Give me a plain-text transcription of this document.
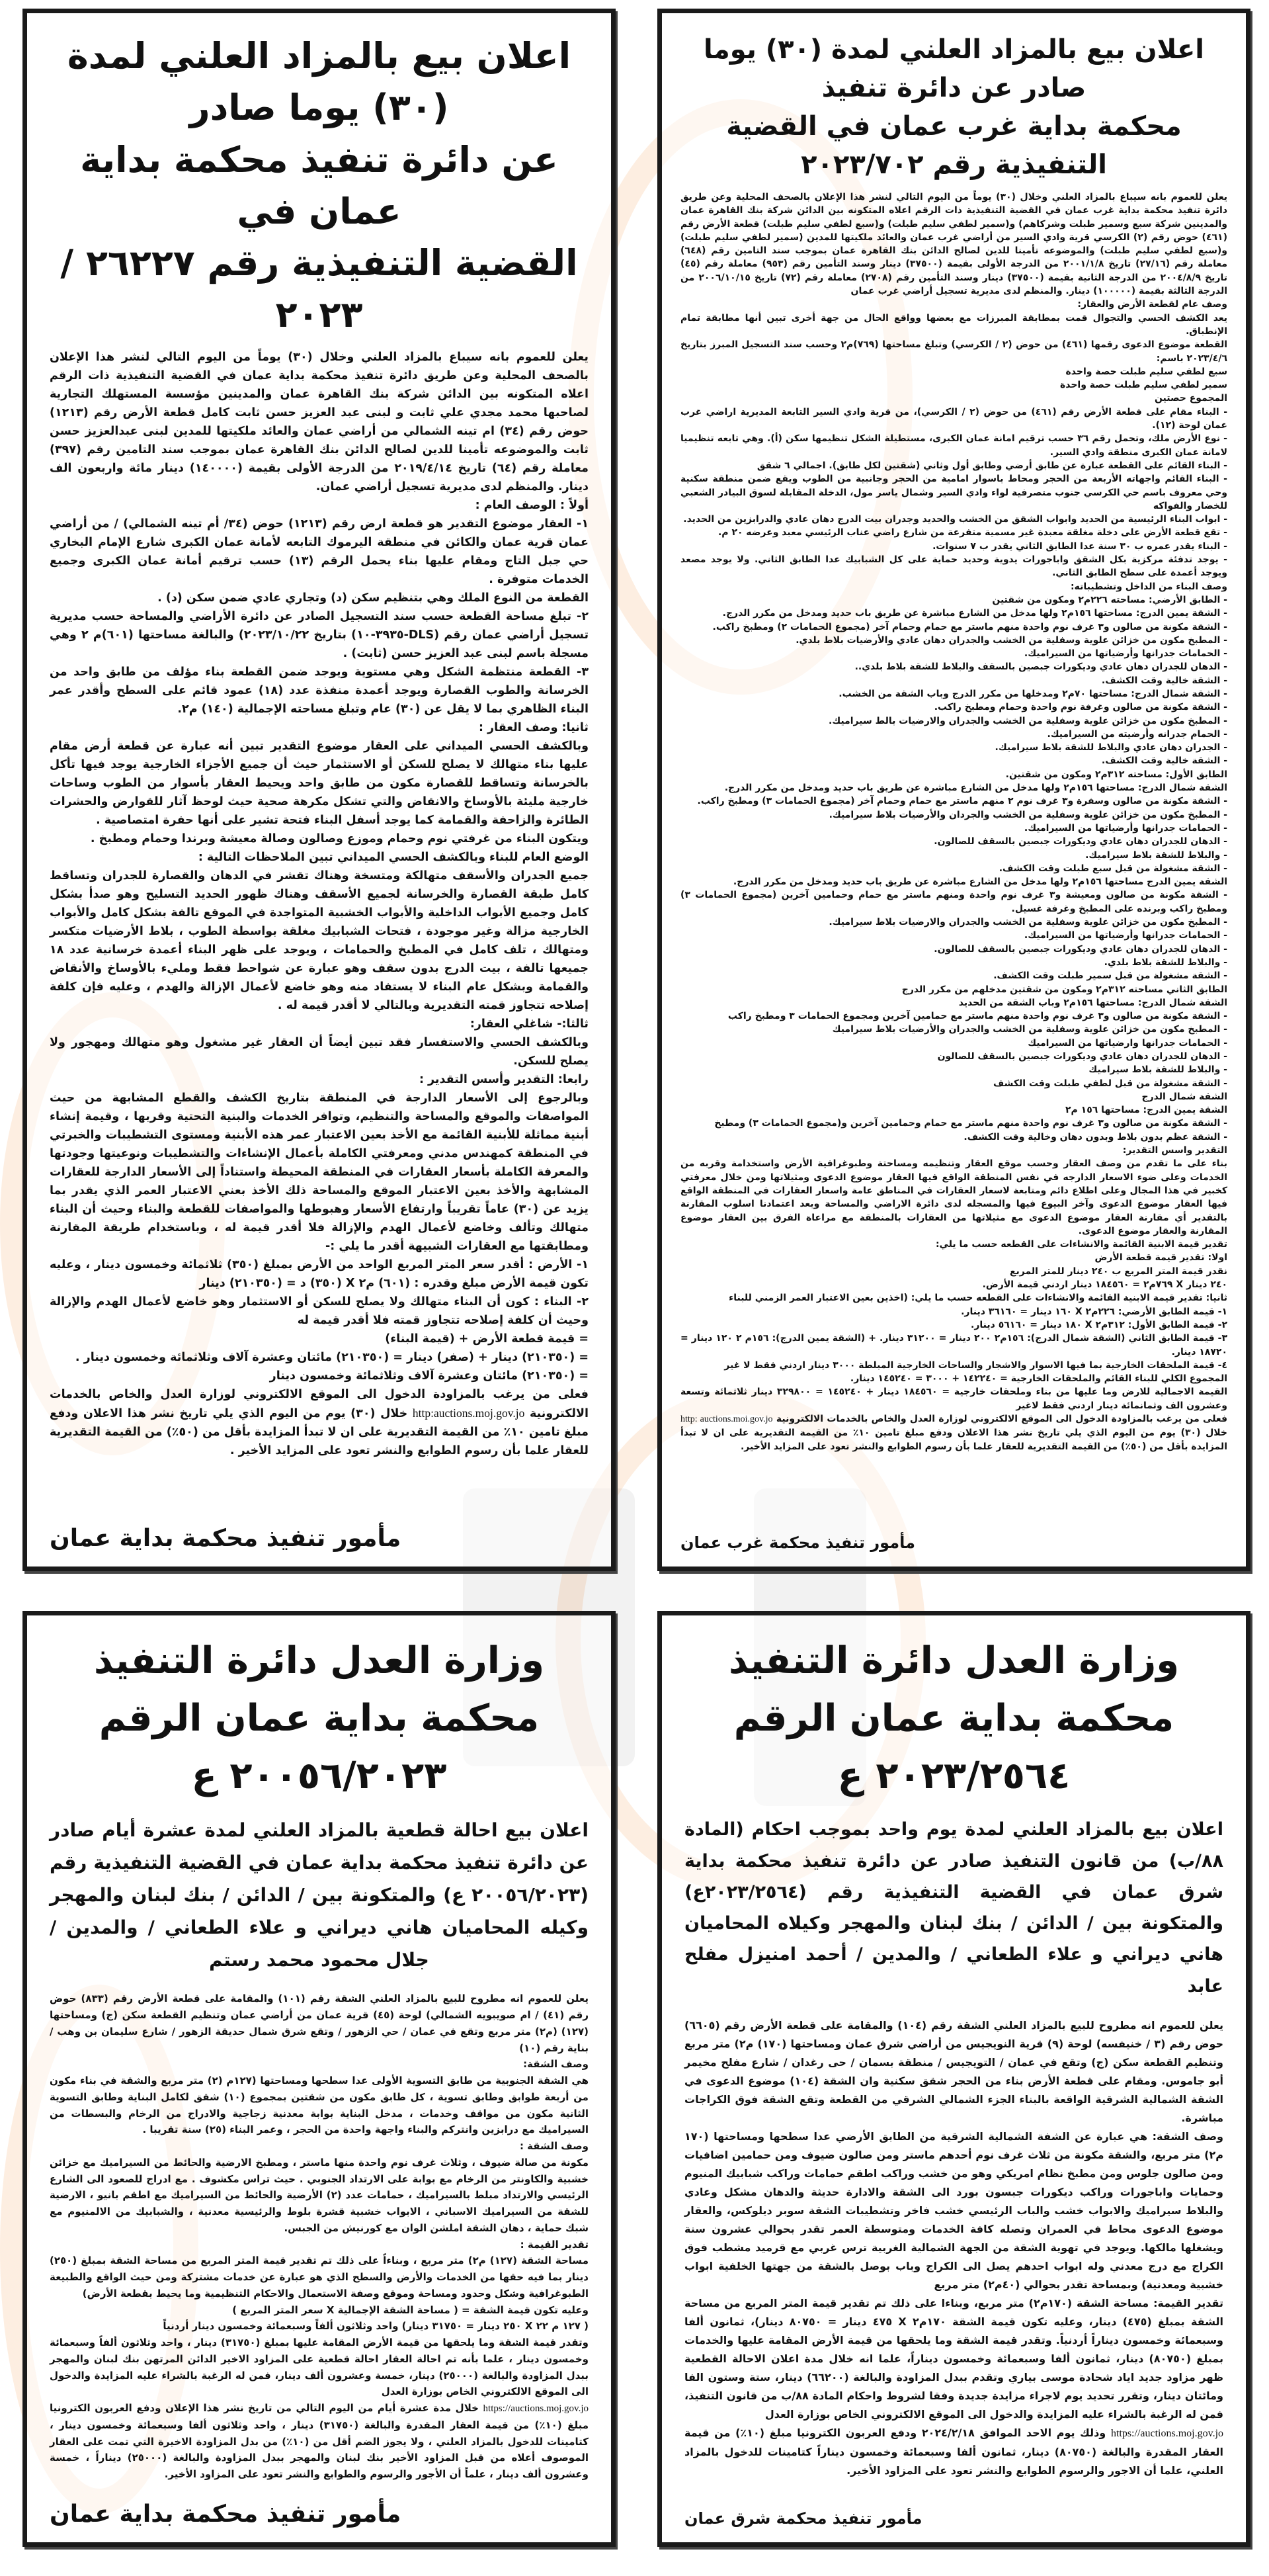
اعلان بيع بالمزاد العلني لمدة (٣٠) يوما صادر
عن دائرة تنفيذ محكمة بداية عمان في
القضية التنفيذية رقم ٢٦٢٢٧ / ٢٠٢٣

يعلن للعموم بانه سيباع بالمزاد العلني وخلال (٣٠) يوماً من اليوم التالي لنشر هذا الإعلان بالصحف المحلية وعن طريق دائرة تنفيذ محكمة بداية عمان في القضية التنفيذية ذات الرقم اعلاه المتكونه بين الدائن شركة بنك القاهرة عمان والمدينين مؤسسة المستهلك التجارية لصاحبها محمد مجدي علي ثابت و لبنى عبد العزيز حسن ثابت كامل قطعة الأرض رقم (١٢١٣) حوض رقم (٣٤) ام تينه الشمالي من أراضي عمان والعائد ملكيتها للمدين لبنى عبدالعزيز حسن ثابت والموضوعه تأمينا للدين لصالح الدائن بنك القاهرة عمان بموجب سند التامين رقم (٣٩٧) معاملة رقم (٦٤) تاريخ ٢٠١٩/٤/١٤ من الدرجة الأولى بقيمة (١٤٠٠٠٠) دينار مائة واربعون الف دينار. والمنظم لدى مديرية تسجيل أراضي عمان.

أولاً : الوصف العام :

١- العقار موضوع التقدير هو قطعة ارض رقم (١٢١٣) حوض (٣٤/ أم تينه الشمالي) / من أراضي عمان قرية عمان والكائن في منطقة اليرموك التابعه لأمانة عمان الكبرى شارع الإمام البخاري حي جبل التاج ومقام عليها بناء يحمل الرقم (١٣) حسب ترقيم أمانة عمان الكبرى وجميع الخدمات متوفرة .

القطعة من النوع الملك وهي بتنظيم سكن (د) وتجاري عادي ضمن سكن (د) .

٢- تبلغ مساحة القطعة حسب سند التسجيل الصادر عن دائرة الأراضي والمساحة حسب مديرية تسجيل أراضي عمان رقم (DLS-٣٩٣٥-١٠) بتاريخ ٢٠٢٣/١٠/٢٢) والبالغة مساحتها (٦٠١)م ٢ وهي مسجلة باسم لبنى عبد العزيز حسن (ثابت) .

٣- القطعة منتظمة الشكل وهي مستوية ويوجد ضمن القطعة بناء مؤلف من طابق واحد من الخرسانة والطوب القصارة ويوجد أعمدة منفذة عدد (١٨) عمود قائم على السطح وأقدر عمر البناء الظاهري بما لا يقل عن (٣٠) عام وتبلغ مساحته الإجمالية (١٤٠) م٢.

ثانيا: وصف العقار :

وبالكشف الحسي الميداني على العقار موضوع التقدير تبين أنه عبارة عن قطعة أرض مقام عليها بناء متهالك لا يصلح للسكن أو الاستثمار حيث أن جميع الأجزاء الخارجية يوجد فيها تأكل بالخرسانة وتساقط للقصارة مكون من طابق واحد ويحيط العقار بأسوار من الطوب وساحات خارجية مليئة بالأوساخ والانقاض والتي تشكل مكرهة صحية حيث لوحظ آثار للقوارض والحشرات الطائرة والزاحفة والقمامة كما يوجد أسفل البناء فتحة تشير على أنها حفرة امتصاصية .

ويتكون البناء من غرفتي نوم وحمام وموزع وصالون وصالة معيشة وبرندا وحمام ومطبخ .

الوضع العام للبناء وبالكشف الحسي الميداني تبين الملاحظات التالية :

جميع الجدران والأسقف متهالكة ومتسخة وهناك تقشر في الدهان والقصارة للجدران وتساقط كامل طبقة القصارة والخرسانة لجميع الأسقف وهناك ظهور الحديد التسليح وهو صدأ بشكل كامل وجميع الأبواب الداخلية والأبواب الخشبية المتواجدة في الموقع تالفة بشكل كامل والأبواب الخارجية مزالة وغير موجودة ، فتحات الشبابيك مغلقة بواسطة الطوب ، بلاط الأرضيات متكسر ومتهالك ، تلف كامل في المطبخ والحمامات ، ويوجد على ظهر البناء أعمدة خرسانية عدد ١٨ جميعها تالفة ، بيت الدرج بدون سقف وهو عبارة عن شواحط فقط ومليء بالأوساخ والأنقاض والقمامة وبشكل عام البناء لا يستفاد منه وهو خاضع لأعمال الإزالة والهدم ، وعليه فإن كلفة إصلاحه تتجاوز قمته التقديرية وبالتالي لا أقدر قيمة له .

ثالثا:- شاغلي العقار:

وبالكشف الحسي والاستفسار فقد تبين أيضاً أن العقار غير مشغول وهو متهالك ومهجور ولا يصلح للسكن.

رابعا: التقدير وأسس التقدير :

وبالرجوع إلى الأسعار الدارجة في المنطقة بتاريخ الكشف والقطع المشابهة من حيث المواصفات والموقع والمساحة والتنظيم، وتوافر الخدمات والبنية التحتية وقربها ، وقيمة إنشاء أبنية مماثلة للأبنية القائمة مع الأخذ بعين الاعتبار عمر هذه الأبنية ومستوى التشطيبات والخبرتي في المنطقة كمهندس مدني ومعرفتي الكاملة بأعمال الإنشاءات والتشطيبات ونوعيتها وجودتها والمعرفة الكاملة بأسعار العقارات في المنطقة المحيطة واستناداً إلى الأسعار الدارجة للعقارات المشابهة والأخذ بعين الاعتبار الموقع والمساحة ذلك الأخذ بعني الاعتبار العمر الذي يقدر بما يزيد عن (٣٠) عاماً تقريباً وارتفاع الأسعار وهبوطها والمواصفات للقطعة والبناء وحيث أن البناء متهالك وتألف وخاضع لأعمال الهدم والإزالة فلا أقدر قيمة له ، وباستخدام طريقة المقارنة ومطابقتها مع العقارات الشبيهة أقدر ما يلي :-

١- الأرض : أقدر سعر المتر المربع الواحد من الأرض بمبلغ (٣٥٠) ثلاثمائة وخمسون دينار ، وعليه تكون قيمة الأرض مبلغ وقدره : (٦٠١) م٢ X (٣٥٠) د = (٢١٠٣٥٠) دينار

٢- البناء : كون أن البناء متهالك ولا يصلح للسكن أو الاستثمار وهو خاضع لأعمال الهدم والإزالة وحيث أن كلفة إصلاحه تتجاوز قمته فلا أقدر قيمة له

= قيمة قطعة الأرض + (قيمة البناء)

= (٢١٠٣٥٠) دينار + (صفر) دينار = (٢١٠٣٥٠) مائتان وعشرة آلاف وثلاثمائة وخمسون دينار .

= (٢١٠٣٥٠) مائتان وعشرة آلاف وثلاثمائة وخمسون دينار

فعلى من يرغب بالمزاودة الدخول الى الموقع الالكتروني لوزارة العدل والخاص بالخدمات الالكترونية http:auctions.moj.gov.jo خلال (٣٠) يوم من اليوم الذي يلي تاريخ نشر هذا الاعلان ودفع مبلغ تامين ١٠٪ من القيمة التقديرية على ان لا تبدأ المزايدة بأقل من (٥٠٪) من القيمة التقديرية للعقار علما بأن رسوم الطوابع والنشر تعود على المزايد الأخير .

مأمور تنفيذ محكمة بداية عمان
اعلان بيع بالمزاد العلني لمدة (٣٠) يوما صادر عن دائرة تنفيذ
محكمة بداية غرب عمان في القضية التنفيذية رقم ٢٠٢٣/٧٠٢

يعلن للعموم بانه سيباع بالمزاد العلني وخلال (٣٠) يوماً من اليوم التالي لنشر هذا الإعلان بالصحف المحلية وعن طريق دائرة تنفيذ محكمة بداية غرب عمان في القضية التنفيذية ذات الرقم اعلاه المتكونه بين الدائن شركة بنك القاهرة عمان والمدينين شركة سبع وسمير طبلت وشركاهم) و(سمير لطفي سليم طبلت) و(سبع لطفي سليم طبلت) قطعة الأرض رقم (٤٦١) حوض رقم (٢) الكرسي قرية وادي السير من أراضي غرب عمان والعائد ملكيتها للمدين (سمير لطفي سليم طبلت) و(سبع لطفي سليم طبلت) والموضوعه تأمينا للدين لصالح الدائن بنك القاهرة عمان بموجب سند التامين رقم (٦٤٨) معاملة رقم (٢٧/١٦) تاريخ ٢٠٠١/١/٨ من الدرجة الأولى بقيمة (٣٧٥٠٠) دينار وسند التأمين رقم (٩٥٣) معاملة رقم (٤٥) تاريخ ٢٠٠٤/٨/٩ من الدرجة الثانية بقيمة (٣٧٥٠٠) دينار وسند التأمين رقم (٢٧٠٨) معاملة رقم (٧٢) تاريخ ٢٠٠٦/١٠/١٥ من الدرجة الثالثة بقيمة (١٠٠٠٠٠) دينار. والمنظم لدى مديرية تسجيل أراضي غرب عمان

وصف عام لقطعة الأرض والعقار:

يعد الكشف الحسي والتجوال قمت بمطابقة المبرزات مع بعضها وواقع الحال من جهة أخرى تبين أنها مطابقة تمام الإنطباق.

القطعة موضوع الدعوى رقمها (٤٦١) من حوض (٢ / الكرسي) وتبلغ مساحتها (٧٦٩)م٢ وحسب سند التسجيل المبرز بتاريخ ٢٠٢٣/٤/٦ باسم:

سبع لطفي سليم طبلت حصة واحدة

سمير لطفي سليم طبلت حصة واحدة

المجموع حصتين

- البناء مقام على قطعة الأرض رقم (٤٦١) من حوض (٢ / الكرسي)، من قرية وادي السير التابعة المديرية اراضي غرب عمان لوحة (١٢).

- نوع الأرض ملك، وتحمل رقم ٣٦ حسب ترقيم امانة عمان الكبرى، مستطيلة الشكل تنظيمها سكن (أ). وهي تابعه تنظيميا لامانة عمان الكبرى منطقة وادي السير.

- البناء القائم على القطعة عبارة عن طابق أرضي وطابق أول وثاني (شقتين لكل طابق). اجمالي ٦ شقق

- البناء القائم واجهاته الأربعة من الحجر ومحاط باسوار امامية من الحجر وجانبية من الطوب ويقع ضمن منطقة سكنية وحي معروف باسم حي الكرسي جنوب متصرفية لواء وادي السير وشمال ياسر مول، الدخلة المقابلة لسوق البيادر الشعبي للخضار والفواكه

- ابواب البناء الرئيسية من الحديد وابواب الشقق من الخشب والحديد وجدران بيت الدرج دهان عادي والدرابزين من الحديد.

- تقع قطعة الأرض على دخلة مغلقة معبدة غير مسمية متفرعة من شارع راضي عناب الرئيسي معبد وعرضه ٢٠ م.

- البناء يقدر عمره ب ٣٠ سنة عدا الطابق الثاني يقدر ب ٧ سنوات.

- يوجد تدفئة مركزية بكل الشقق واباجورات يدوية وحديد حماية على كل الشبابيك عدا الطابق الثاني. ولا يوجد مصعد ويوجد أعمدة على سطح الطابق الثاني.

وصف البناء من الداخل وتشطيباته:

- الطابق الأرضي: مساحته ٢٢٦م٢ ومكون من شقتين

- الشقة يمين الدرج: مساحتها ١٥٦م٢ ولها مدخل من الشارع مباشرة عن طريق باب حديد ومدخل من مكرر الدرج.

- الشقة مكونة من صالون و٣ غرف نوم واحدة منهم ماستر مع حمام وحمام آخر (مجموع الحمامات ٢) ومطبخ راكب.

- المطبخ مكون من خزائن علوية وسفلية من الخشب والجدران دهان عادي والأرضيات بلاط بلدي.

- الحمامات جدرانها وأرضياتها من السيراميك.

- الدهان للجدران دهان عادي وديكورات جبصين بالسقف والبلاط للشقة بلاط بلدي..

- الشقة خالية وقت الكشف.

- الشقة شمال الدرج: مساحتها ٧٠م٢ ومدخلها من مكرر الدرج وباب الشقة من الخشب.

- الشقة مكونة من صالون وغرفة نوم واحدة وحمام ومطبخ راكب.

- المطبخ مكون من خزائن علوية وسفلية من الخشب والجدران والارضيات بالط سيراميك.

- الحمام جدرانه وأرضيته من السيراميك.

- الجدران دهان عادي والبلاط للشقة بلاط سيراميك.

- الشقة خالية وقت الكشف.

الطابق الأول: مساحته ٣١٢م٢ ومكون من شقتين.

الشقة شمال الدرج: مساحتها ١٥٦م٢ ولها مدخل من الشارع مباشرة عن طريق باب حديد ومدخل من مكرر الدرج.

- الشقة مكونة من صالون وسفرة و٣ غرف نوم ٢ منهم ماستر مع حمام وحمام آخر (مجموع الحمامات ٣) ومطبخ راكب.

- المطبخ مكون من خزائن علوية وسفلية من الخشب والجردان والأرضيات بلاط سيراميك.

- الحمامات جدرانها وأرضياتها من السيراميك.

- الدهان للجدران دهان عادي وديكورات جبصين بالسقف للصالون.

- والبلاط للشقة بلاط سيراميك.

- الشقة مشغولة من قبل سبع طبلت وقت الكشف.

الشقة يمين الدرج مساحتها ١٥٦م٢ ولها مدخل من الشارع مباشرة عن طريق باب حديد ومدخل من مكرر الدرج.

- الشقة مكونة من صالون ومعيشة و٣ غرف نوم واحدة ومنهم ماستر مع حمام وحمامين آخرين (مجموع الحمامات ٣) ومطبخ راكب وبرنده على المطبخ وغرفة غسيل.

- المطبخ مكون من خزائن علوية وسفلية من الخشب والجدران والارضيات بلاط سيراميك.

- الحمامات جدرانها وأرضياتها من السيراميك.

- الدهان للجدران دهان عادي وديكورات جبصين بالسقف للصالون.

- والبلاط للشقة بلاط بلدي.

- الشقة مشغولة من قبل سمير طبلت وقت الكشف.

الطابق الثاني مساحته ٣١٢م٢ ومكون من شقتين مدخلهم من مكرر الدرج

الشقة شمال الدرج: مساحتها ١٥٦م٢ وباب الشقة من الحديد

- الشقة مكونة من صالون و٣ غرف نوم واحدة منهم ماستر مع حمامين آخرين ومجموع الحمامات ٣ ومطبخ راكب

- المطبخ مكون من خزائن علوية وسفلية من الخشب والجدران والأرضيات بلاط سيراميك

- الحمامات جدرانها وارضياتها من السيراميك

- الدهان للجدران دهان عادي وديكورات جبصين بالسقف للصالون

- والبلاط للشقة بلاط سيراميك

- الشقة مشغولة من قبل لطفي طبلت وقت الكشف

الشقة شمال الدرج

الشقة يمين الدرج: مساحتها ١٥٦ م٢

- الشقة مكونة من صالون و٣ غرف نوم واحدة منهم ماستر مع حمام وحمامين آخرين و(مجموع الحمامات ٣) ومطبخ

- الشقة عظم بدون بلاط وبدون دهان وخالية وقت الكشف.

التقدير واسس التقدير:

بناء على ما تقدم من وصف العقار وحسب موقع العقار وتنظيمه ومساحتة وطبوغرافية الأرض واستخدامة وقربه من الخدمات وعلى ضوء الاسعار الدارجه في نفس المنطقة الواقع فيها العقار موضوع الدعوى ومثيلاتها ومن خلال معرفتي كخبير في هذا المجال وعلى اطلاع دائم ومتابعة لاسعار العقارات في المناطق عامة واسعار العقارات في المنطقة الواقع فيها العقار موضوع الدعوى وآخر البيوع فيها والمسجله لدى دائرة الاراضي والمساحة وبعد اعتمادنا اسلوب المقارنة بالتقدير أي مقارنة العقار موضوع الدعوى مع مثيلاتها من العقارات بالمنطقة مع مراعاة الفرق بين العقار موضوع المقارنة والعقار موضوع الدعوى.

تقدير قيمة الابنية القائمة والانشاءات على القطعه حسب ما يلي:

اولا: تقدير قيمة قطعة الأرض

نقدر قيمة المتر المربع ب ٢٤٠ دينار للمتر المربع

٢٤٠ دينار X ٧٦٩م٢ = ١٨٤٥٦٠ دينار اردني قيمة الأرض.

ثانيا: تقدير قيمة الابنية القائمة والانشاءات على القطعه حسب ما يلي: (اخذين بعين الاعتبار العمر الزمني للبناء

١- قيمة الطابق الأرضي: ٢٢٦م٢ X ١٦٠ دينار = ٣٦١٦٠ دينار.

٢- قيمة الطابق الأول: ٣١٢م٢ X ١٨٠ دينار = ٥٦١٦٠ دينار.

٣- قيمة الطابق الثاني (الشقة شمال الدرج): ١٥٦م٢ ٢٠٠ دينار = ٣١٢٠٠ دينار. + (الشقة يمين الدرج): ١٥٦م ٢ ١٢٠ دينار = ١٨٧٢٠ دينار.

٤- قيمة الملحقات الخارجية بما فيها الاسوار والاشجار والساحات الخارجية المبلطة ٣٠٠٠ دينار اردني فقط لا غير

المجموع الكلي للبناء القائم والملحقات الخارجية = ١٤٢٢٤٠ + ٣٠٠٠ = ١٤٥٢٤٠ دينار.

القيمة الاجمالية للارض وما عليها من بناء وملحقات خارجية = ١٨٤٥٦٠ دينار + ١٤٥٢٤٠ = ٣٢٩٨٠٠ دينار ثلاثمائة وتسعة وعشرون الف وثمانمائة دينار اردني فقط لاغير

فعلى من يرغب بالمزاودة الدخول الى الموقع الالكتروني لوزارة العدل والخاص بالخدمات الالكترونية http: auctions.moi.gov.jo خلال (٣٠) يوم من اليوم الذي يلي تاريخ نشر هذا الاعلان ودفع مبلغ تامين ١٠٪ من القيمة التقديرية على ان لا تبدأ المزايدة بأقل من (٥٠٪) من القيمة التقديرية للعقار علما بأن رسوم الطوابع والنشر تعود على المزايد الأخير.

مأمور تنفيذ محكمة غرب عمان
وزارة العدل دائرة التنفيذ
محكمة بداية عمان الرقم ٢٠٠٥٦/٢٠٢٣ ع
اعلان بيع احالة قطعية بالمزاد العلني لمدة عشرة أيام صادر عن دائرة تنفيذ محكمة بداية عمان في القضية التنفيذية رقم (٢٠٠٥٦/٢٠٢٣ ع) والمتكونة بين / الدائن / بنك لبنان والمهجر وكيله المحاميان هاني ديراني و علاء الطعاني / والمدين / جلال محمود محمد رستم

يعلن للعموم انه مطروح للبيع بالمزاد العلني الشقة رقم (١٠١) والمقامة على قطعة الأرض رقم (٨٣٣) حوض رقم (٤١) / ام صويبويه الشمالي) لوحة (٤٥) قرية عمان من أراضي عمان وتنظيم القطعة سكن (ج) ومساحتها (١٢٧) (م٢) متر مربع وتقع في عمان / حي الزهور / وتقع شرق شمال حديقة الزهور / شارع سليمان بن وهب / بناية رقم (١٠)

وصف الشقة:

هي الشقة الجنوبية من طابق التسوية الأولى عدا سطحها ومساحتها (١٢٧م (٢) متر مربع والشقة في بناء مكون من أربعة طوابق وطابق تسوية ، كل طابق مكون من شقتين بمجموع (١٠) شقق لكامل البناية وطابق التسوية الثانية مكون من مواقف وخدمات ، مدخل البناية بوابة معدنية زجاجية والادراج من الرخام والبسطات من السيراميك مع درابزين وانتركم والبناء واجهة واحدة من الحجر ، وعمر البناء (٢٥) سنة تقريبا .

وصف الشقة :

مكونة من صالة ضيوف ، وثلاث غرف نوم واحدة منها ماستر ، ومطبخ الارضية والحائط من السيراميك مع خزائن خشبية والكاونتر من الرخام مع بوابة على الارتداد الجنوبي . حيث تراس مكشوف . مع ادراج للصعود الى الشارع الرئيسي والارتداد مبلط بالسيراميك ، حمامات عدد (٢) الأرضية والحائط من السيراميك مع اطقم بانيو ، الارضية للشقة من السيراميك الاسباني ، الابواب خشبية قشرة بلوط والرئيسية معدنية ، والشبابيك من الالمنيوم مع شبك حماية ، دهان الشقة املشن الوان مع كورنيش من الجبس.

تقدير القيمة :

مساحة الشقة (١٢٧) م٢) متر مربع ، وبناءاً على ذلك تم تقدير قيمة المتر المربع من مساحة الشقة بمبلغ (٢٥٠) دينار بما فيه حقها من الخدمات والأرض والسطح الذي هو عبارة عن خدمات مشتركة ومن حيث الواقع والطبيعة الطبوغرافية وشكل وحدود ومساحة وموقع وصفة الاستعمال والاحكام التنظيمية وما يحيط بقطعة الأرض)

وعليه تكون قيمة الشقة = ( مساحة الشقة الإجمالية X سعر المتر المربع )

( ١٢٧ م ٢٢ X ٢٥٠ دينار = ٣١٧٥٠ دينار) واحد وثلاثون ألفاً وسبعمائة وخمسون دينار أردنياً

وتقدر قيمة الشقة وما يلحقها من قيمة الأرض المقامة عليها بمبلغ (٣١٧٥٠) دينار ، واحد وثلاثون ألفاً وسبعمائة وخمسون دينار ، علما بأنه تم احالة العقار احالة قطعية على المزاود الاخير الدائن المرتهن بنك لبنان والمهجر ببدل المزاودة والبالغة (٢٥٠٠٠) دينار، خمسة وعشرون ألف دينار، فمن له الرغبة بالشراء عليه المزايدة والدخول الى الموقع الالكتروني الخاص بوزارة العدل

https://auctions.moj.gov.jo خلال مدة عشرة أيام من اليوم التالي من تاريخ نشر هذا الإعلان ودفع العربون الكترونيا مبلغ (١٠٪) من قيمة العقار المقدرة والبالغة (٣١٧٥٠) دينار ، واحد وثلاثون ألفا وسبعمائة وخمسون دينار ، كتامينات للدخول بالمزاد العلني ، ولا يجوز الضم أقل من (١٠٪) من بدل المزاودة الاخيرة التي تمت على العقار الموصوف أعلاه من قبل المزاود الأخير بنك لبنان والمهجر ببدل المزاودة والبالغة (٢٥٠٠٠) ديناراً ، خمسة وعشرون ألف دينار ، علماً أن الأجور والرسوم والطوابع والنشر تعود على المزاود الأخير.

مأمور تنفيذ محكمة بداية عمان
وزارة العدل دائرة التنفيذ
محكمة بداية عمان الرقم ٢٠٢٣/٢٥٦٤ ع
اعلان بيع بالمزاد العلني لمدة يوم واحد بموجب احكام (المادة ٨٨/ب) من قانون التنفيذ صادر عن دائرة تنفيذ محكمة بداية شرق عمان في القضية التنفيذية رقم (٢٠٢٣/٢٥٦٤ع) والمتكونة بين / الدائن / بنك لبنان والمهجر وكيلاه المحاميان هاني ديراني و علاء الطعاني / والمدين / أحمد امنيزل مفلح عابد

يعلن للعموم انه مطروح للبيع بالمزاد العلني الشقة رقم (١٠٤) والمقامة على قطعة الأرض رقم (٦٦٠٥) حوض رقم (٣ / خنيفسه) لوحة (٩) قرية النويجيس من أراضي شرق عمان ومساحتها (١٧٠) م٢) متر مربع وتنظيم القطعة سكن (ج) وتقع في عمان / التويجيس / منطقة بسمان / حى رغدان / شارع مفلح مخيمر أبو جاموس. ومقام على قطعة الأرض بناء من الحجر شقق سكنية وان الشقة (١٠٤) موضوع الدعوى في الشقة الشمالية الشرقية الواقعة بالبناء الجزء الشمالي الشرقي من القطعة وتقع الشقة فوق الكراجات مباشرة.

وصف الشقة: هي عبارة عن الشفة الشمالية الشرقية من الطابق الأرضي عدا سطحها ومساحتها (١٧٠ م٢) متر مربع، والشقة مكونة من ثلاث غرف نوم أحدهم ماستر ومن صالون ضيوف ومن حمامين اضافيات ومن صالون جلوس ومن مطبخ نظام امريكي وهو من خشب وراكب اطقم حمامات وراكب شبابيك المنيوم وحمايات واباجورات وراكب ديكورات جبسون بورد الى الشقة والادارة حديثة والدهان مشكل وعادي والبلاط سيراميك والابواب خشب والباب الرئيسي خشب فاخر وتشطيبات الشقة سوبر ديلوكس، والعقار موضوع الدعوى محاط في العمران وتصله كافة الخدمات ومتوسطة العمر تقدر بحوالي عشرون سنة ويشغلها مالكها. ويوجد في تهوية الشقة من الجهة الشمالية الغربية ترس غربي مع قرميد مشطب فوق الكراج مع درج معدني وله ابواب احدهم يصل الى الكراج وباب بوصل بالشقة من جهتها الخلفية ابواب خشبية ومعدنية) وبمساحة تقدر بحوالي (٤٠م٢) متر مربع

تقدير القيمة: مساحة الشقة (١٧٠م٢) متر مربع، وبناءا على ذلك تم تقدير قيمة المتر المربع من مساحة الشقة بمبلغ (٤٧٥) دينار، وعليه تكون قيمة الشقة ١٧٠م٢ X ٤٧٥ دينار = ٨٠٧٥٠ دينار)، ثمانون ألفا وسبعمائة وخمسون ديناراً أردنياً. وتقدر قيمة الشقة وما يلحقها من قيمة الأرض المقامة عليها والخدمات بمبلغ (٨٠٧٥٠) دينار، ثمانون ألفا وسبعمائة وخمسون ديناراً، علما انه خلال مدة اعلان الاحالة القطعية ظهر مزاود جديد اياد شحادة موسى بياري وتقدم ببدل المزاودة والبالغة (٦٦٢٠٠) دينار، ستة وستون الفا ومائتان دينار، وتقرر تحديد يوم لاجراء مزايدة جديدة وفقا لشروط واحكام المادة ٨٨/ب من قانون التنفيذ، فمن له الرغبة بالشراء عليه المزايدة والدخول الى الموقع الالكتروني الخاص بوزارة العدل

https://auctions.moj.gov.jo وذلك يوم الاحد الموافق ٢٠٢٤/٢/١٨ ودفع العربون الكترونيا مبلغ (١٠٪) من قيمة العقار المقدرة والبالغة (٨٠٧٥٠) دينار، ثمانون ألفا وسبعمائة وخمسون ديناراً كتامينات للدخول بالمزاد العلني، علما أن الاجور والرسوم الطوابع والنشر تعود على المزاود الأخير.

مأمور تنفيذ محكمة شرق عمان
